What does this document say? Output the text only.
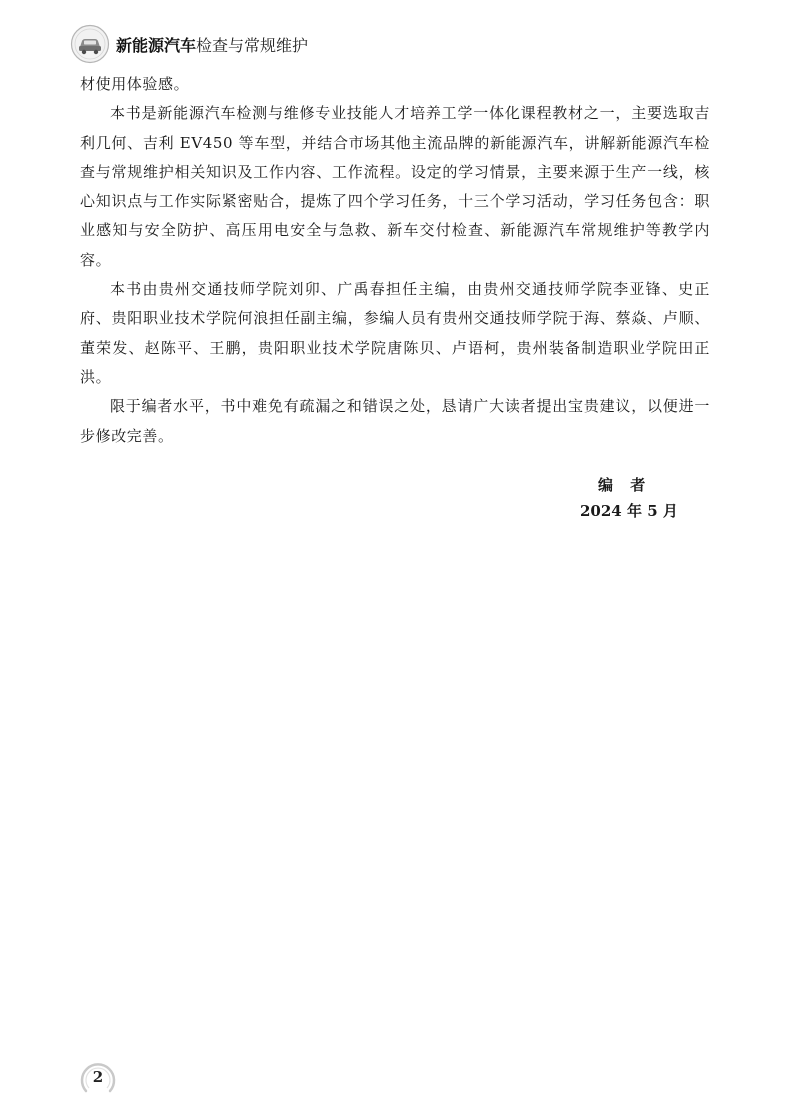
新能源汽车 检查与常规维护

材使用体验感。

本书是新能源汽车检测与维修专业技能人才培养工学一体化课程教材之一，主要选取吉利几何、吉利 EV450 等车型，并结合市场其他主流品牌的新能源汽车，讲解新能源汽车检查与常规维护相关知识及工作内容、工作流程。设定的学习情景，主要来源于生产一线，核心知识点与工作实际紧密贴合，提炼了四个学习任务，十三个学习活动，学习任务包含：职业感知与安全防护、高压用电安全与急救、新车交付检查、新能源汽车常规维护等教学内容。

本书由贵州交通技师学院刘卯、广禹春担任主编，由贵州交通技师学院李亚锋、史正府、贵阳职业技术学院何浪担任副主编，参编人员有贵州交通技师学院于海、蔡焱、卢顺、董荣发、赵陈平、王鹏，贵阳职业技术学院唐陈贝、卢语柯，贵州装备制造职业学院田正洪。

限于编者水平，书中难免有疏漏之和错误之处，恳请广大读者提出宝贵建议，以便进一步修改完善。

编 者
2024 年 5 月
2
